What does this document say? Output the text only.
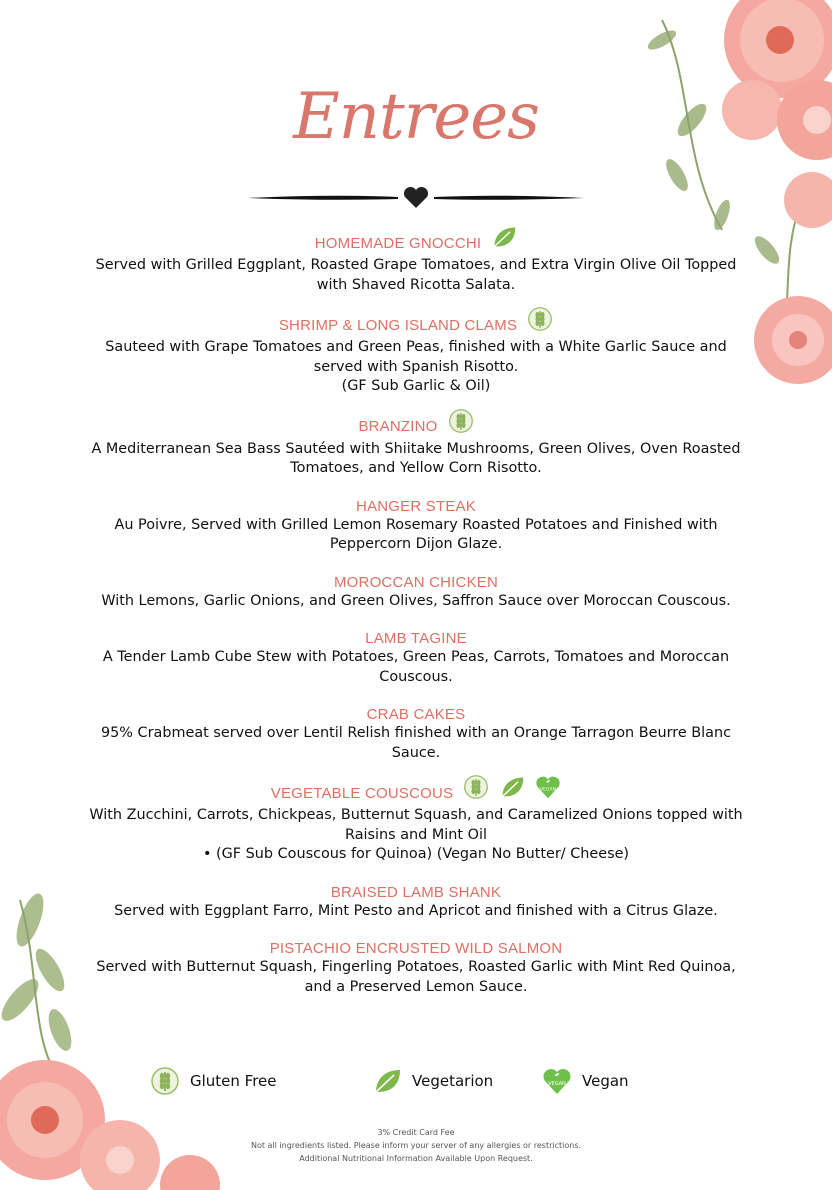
Entrees
HOMEMADE GNOCCHI
Served with Grilled Eggplant, Roasted Grape Tomatoes, and Extra Virgin Olive Oil Topped
with Shaved Ricotta Salata.
SHRIMP & LONG ISLAND CLAMS
Sauteed with Grape Tomatoes and Green Peas, finished with a White Garlic Sauce and
served with Spanish Risotto.
(GF Sub Garlic & Oil)
BRANZINO
A Mediterranean Sea Bass Sautéed with Shiitake Mushrooms, Green Olives, Oven Roasted
Tomatoes, and Yellow Corn Risotto.
HANGER STEAK
Au Poivre, Served with Grilled Lemon Rosemary Roasted Potatoes and Finished with
Peppercorn Dijon Glaze.
MOROCCAN CHICKEN
With Lemons, Garlic Onions, and Green Olives, Saffron Sauce over Moroccan Couscous.
LAMB TAGINE
A Tender Lamb Cube Stew with Potatoes, Green Peas, Carrots, Tomatoes and Moroccan
Couscous.
CRAB CAKES
95% Crabmeat served over Lentil Relish finished with an Orange Tarragon Beurre Blanc
Sauce.
VEGETABLE COUSCOUS	VEGAN
With Zucchini, Carrots, Chickpeas, Butternut Squash, and Caramelized Onions topped with
Raisins and Mint Oil
• (GF Sub Couscous for Quinoa) (Vegan No Butter/ Cheese)
BRAISED LAMB SHANK
Served with Eggplant Farro, Mint Pesto and Apricot and finished with a Citrus Glaze.
PISTACHIO ENCRUSTED WILD SALMON
Served with Butternut Squash, Fingerling Potatoes, Roasted Garlic with Mint Red Quinoa,
and a Preserved Lemon Sauce.
Gluten Free	Vegetarion	VEGAN Vegan
3% Credit Card Fee
Not all ingredients listed. Please inform your server of any allergies or restrictions.
Additional Nutritional Information Available Upon Request.
